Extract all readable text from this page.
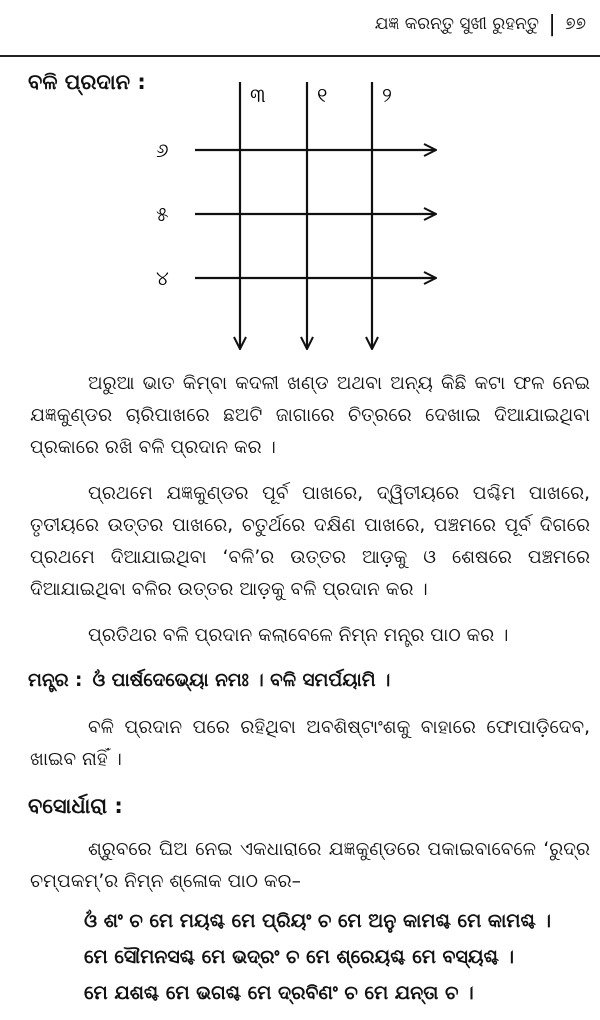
ଯଜ୍ଞ କରନ୍ତୁ ସୁଖୀ ରୁହନ୍ତୁ | ୭୭
ବଳି ପ୍ରଦାନ :
୩	୧	୨
୬
୫
୪

ଅରୁଆ ଭାତ କିମ୍ବା କଦଳୀ ଖଣ୍ଡ ଅଥବା ଅନ୍ୟ କିଛି କଟା ଫଳ ନେଇ ଯଜ୍ଞକୁଣ୍ଡର ଚାରିପାଖରେ ଛଅଟି ଜାଗାରେ ଚିତ୍ରରେ ଦେଖାଇ ଦିଆଯାଇଥିବା ପ୍ରକାରେ ରଖି ବଳି ପ୍ରଦାନ କର ।

ପ୍ରଥମେ ଯଜ୍ଞକୁଣ୍ଡର ପୂର୍ବ ପାଖରେ, ଦ୍ୱିତୀୟରେ ପଶ୍ଚିମ ପାଖରେ, ତୃତୀୟରେ ଉତ୍ତର ପାଖରେ, ଚତୁର୍ଥରେ ଦକ୍ଷିଣ ପାଖରେ, ପଞ୍ଚମରେ ପୂର୍ବ ଦିଗରେ ପ୍ରଥମେ ଦିଆଯାଇଥିବା ‘ବଳି’ର ଉତ୍ତର ଆଡ଼କୁ ଓ ଶେଷରେ ପଞ୍ଚମରେ ଦିଆଯାଇଥିବା ବଳିର ଉତ୍ତର ଆଡ଼କୁ ବଳି ପ୍ରଦାନ କର ।

ପ୍ରତିଥର ବଳି ପ୍ରଦାନ କଲାବେଳେ ନିମ୍ନ ମନ୍ତ୍ର ପାଠ କର ।

ମନ୍ତ୍ର : ଓଁ ପାର୍ଷଦେଭ୍ୟୋ ନମଃ । ବଳି ସମର୍ପୟାମି ।

ବଳି ପ୍ରଦାନ ପରେ ରହିଥିବା ଅବଶିଷ୍ଟାଂଶକୁ ବାହାରେ ଫୋପାଡ଼ିଦେବ, ଖାଇବ ନାହିଁ ।

ବସୋର୍ଧାରା :

ଶ୍ରୁବରେ ଘିଅ ନେଇ ଏକଧାରାରେ ଯଜ୍ଞକୁଣ୍ଡରେ ପକାଇବାବେଳେ ‘ରୁଦ୍ର ଚମ୍ପକମ୍’ର ନିମ୍ନ ଶ୍ଳୋକ ପାଠ କର–

ଓଁ ଶଂ ଚ ମେ ମୟଶ୍ଚ ମେ ପ୍ରିୟଂ ଚ ମେ ଅନୁ କାମଶ୍ଚ ମେ କାମଶ୍ଚ ।
ମେ ସୌମନସଶ୍ଚ ମେ ଭଦ୍ରଂ ଚ ମେ ଶ୍ରେୟଶ୍ଚ ମେ ବସ୍ୟଶ୍ଚ ।
ମେ ଯଶଶ୍ଚ ମେ ଭଗଶ୍ଚ ମେ ଦ୍ରବିଣଂ ଚ ମେ ଯନ୍ତା ଚ ।
